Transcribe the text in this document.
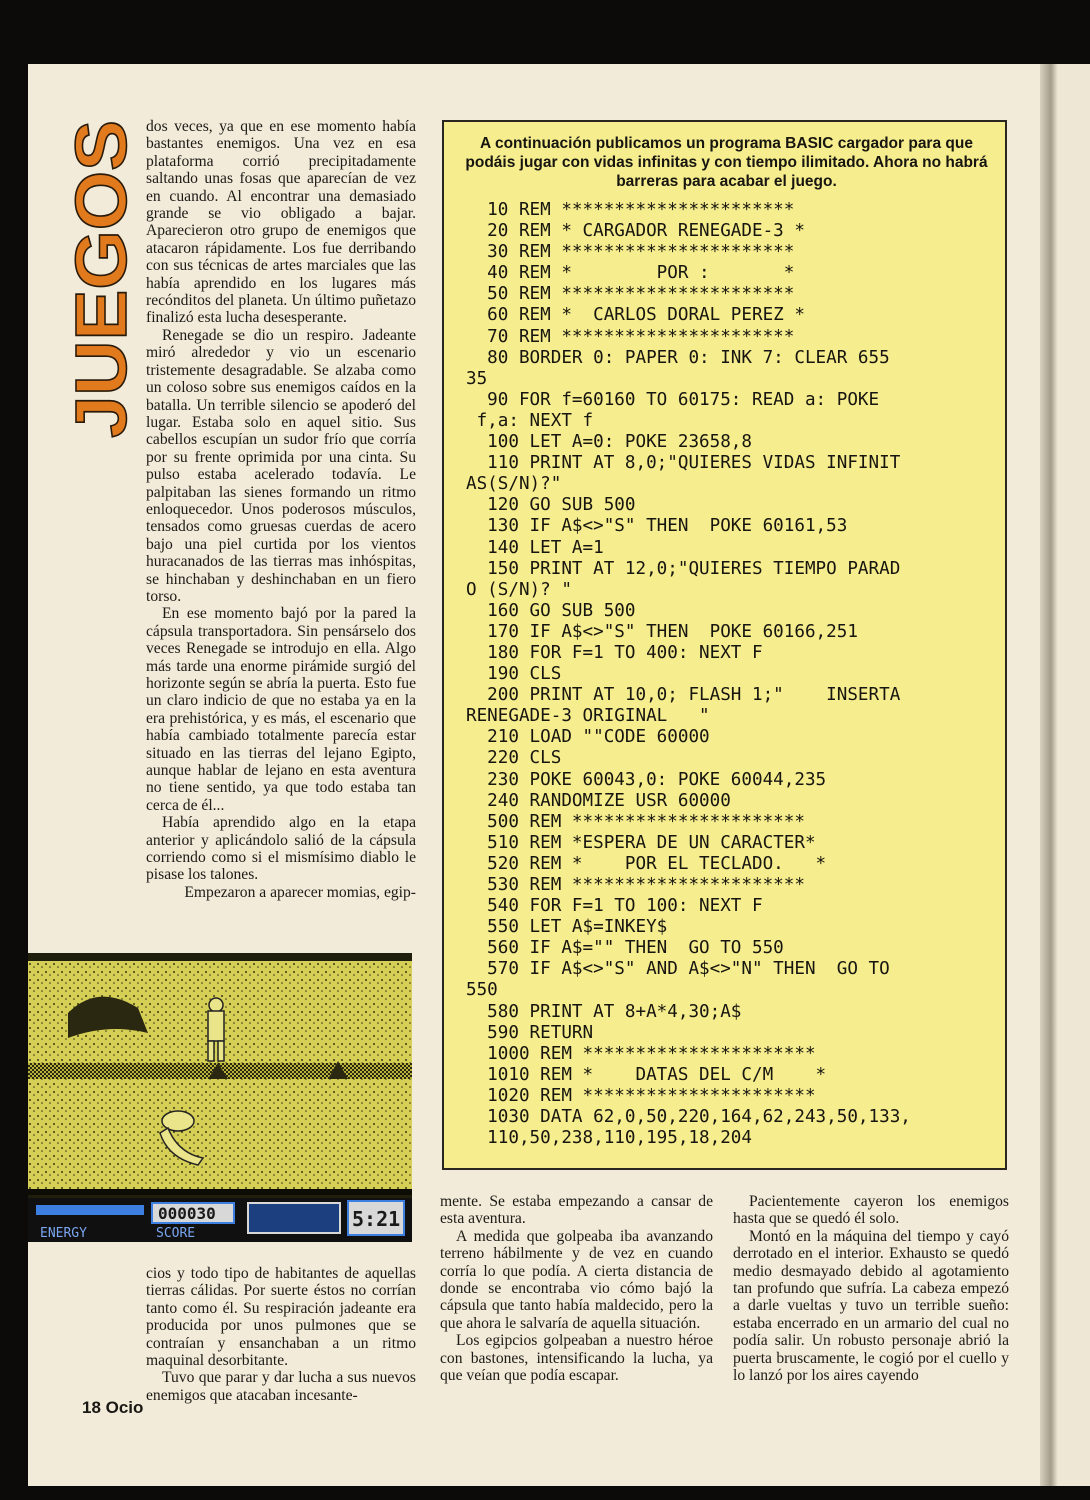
JUEGOS

dos veces, ya que en ese momento había bastantes enemigos. Una vez en esa plataforma corrió precipitadamente saltando unas fosas que aparecían de vez en cuando. Al encontrar una demasiado grande se vio obligado a bajar. Aparecieron otro grupo de enemigos que atacaron rápidamente. Los fue derribando con sus técnicas de artes marciales que las había aprendido en los lugares más recónditos del planeta. Un último puñetazo finalizó esta lucha desesperante.

Renegade se dio un respiro. Jadeante miró alrededor y vio un escenario tristemente desagradable. Se alzaba como un coloso sobre sus enemigos caídos en la batalla. Un terrible silencio se apoderó del lugar. Estaba solo en aquel sitio. Sus cabellos escupían un sudor frío que corría por su frente oprimida por una cinta. Su pulso estaba acelerado todavía. Le palpitaban las sienes formando un ritmo enloquecedor. Unos poderosos músculos, tensados como gruesas cuerdas de acero bajo una piel curtida por los vientos huracanados de las tierras mas inhóspitas, se hinchaban y deshinchaban en un fiero torso.

En ese momento bajó por la pared la cápsula transportadora. Sin pensárselo dos veces Renegade se introdujo en ella. Algo más tarde una enorme pirámide surgió del horizonte según se abría la puerta. Esto fue un claro indicio de que no estaba ya en la era prehistórica, y es más, el escenario que había cambiado totalmente parecía estar situado en las tierras del lejano Egipto, aunque hablar de lejano en esta aventura no tiene sentido, ya que todo estaba tan cerca de él...

Había aprendido algo en la etapa anterior y aplicándolo salió de la cápsula corriendo como si el mismísimo diablo le pisase los talones.

Empezaron a aparecer momias, egip-

ENERGY
000030
SCORE
5:21

cios y todo tipo de habitantes de aquellas tierras cálidas. Por suerte éstos no corrían tanto como él. Su respiración jadeante era producida por unos pulmones que se contraían y ensanchaban a un ritmo maquinal desorbitante.

Tuvo que parar y dar lucha a sus nuevos enemigos que atacaban incesante-

A continuación publicamos un programa BASIC cargador para que podáis jugar con vidas infinitas y con tiempo ilimitado. Ahora no habrá barreras para acabar el juego.

10 REM **********************
20 REM * CARGADOR RENEGADE-3 *
30 REM **********************
40 REM *        POR :       *
50 REM **********************
60 REM *  CARLOS DORAL PEREZ *
70 REM **********************
80 BORDER 0: PAPER 0: INK 7: CLEAR 655
35
90 FOR f=60160 TO 60175: READ a: POKE
f,a: NEXT f
100 LET A=0: POKE 23658,8
110 PRINT AT 8,0;"QUIERES VIDAS INFINIT
AS(S/N)?"
120 GO SUB 500
130 IF A$<>"S" THEN  POKE 60161,53
140 LET A=1
150 PRINT AT 12,0;"QUIERES TIEMPO PARAD
O (S/N)? "
160 GO SUB 500
170 IF A$<>"S" THEN  POKE 60166,251
180 FOR F=1 TO 400: NEXT F
190 CLS
200 PRINT AT 10,0; FLASH 1;"    INSERTA
RENEGADE-3 ORIGINAL   "
210 LOAD ""CODE 60000
220 CLS
230 POKE 60043,0: POKE 60044,235
240 RANDOMIZE USR 60000
500 REM **********************
510 REM *ESPERA DE UN CARACTER*
520 REM *    POR EL TECLADO.   *
530 REM **********************
540 FOR F=1 TO 100: NEXT F
550 LET A$=INKEY$
560 IF A$="" THEN  GO TO 550
570 IF A$<>"S" AND A$<>"N" THEN  GO TO
550
580 PRINT AT 8+A*4,30;A$
590 RETURN
1000 REM **********************
1010 REM *    DATAS DEL C/M    *
1020 REM **********************
1030 DATA 62,0,50,220,164,62,243,50,133,
110,50,238,110,195,18,204

mente. Se estaba empezando a cansar de esta aventura.

A medida que golpeaba iba avanzando terreno hábilmente y de vez en cuando corría lo que podía. A cierta distancia de donde se encontraba vio cómo bajó la cápsula que tanto había maldecido, pero la que ahora le salvaría de aquella situación.

Los egipcios golpeaban a nuestro héroe con bastones, intensificando la lucha, ya que veían que podía escapar.

Pacientemente cayeron los enemigos hasta que se quedó él solo.

Montó en la máquina del tiempo y cayó derrotado en el interior. Exhausto se quedó medio desmayado debido al agotamiento tan profundo que sufría. La cabeza empezó a darle vueltas y tuvo un terrible sueño: estaba encerrado en un armario del cual no podía salir. Un robusto personaje abrió la puerta bruscamente, le cogió por el cuello y lo lanzó por los aires cayendo

18 Ocio
